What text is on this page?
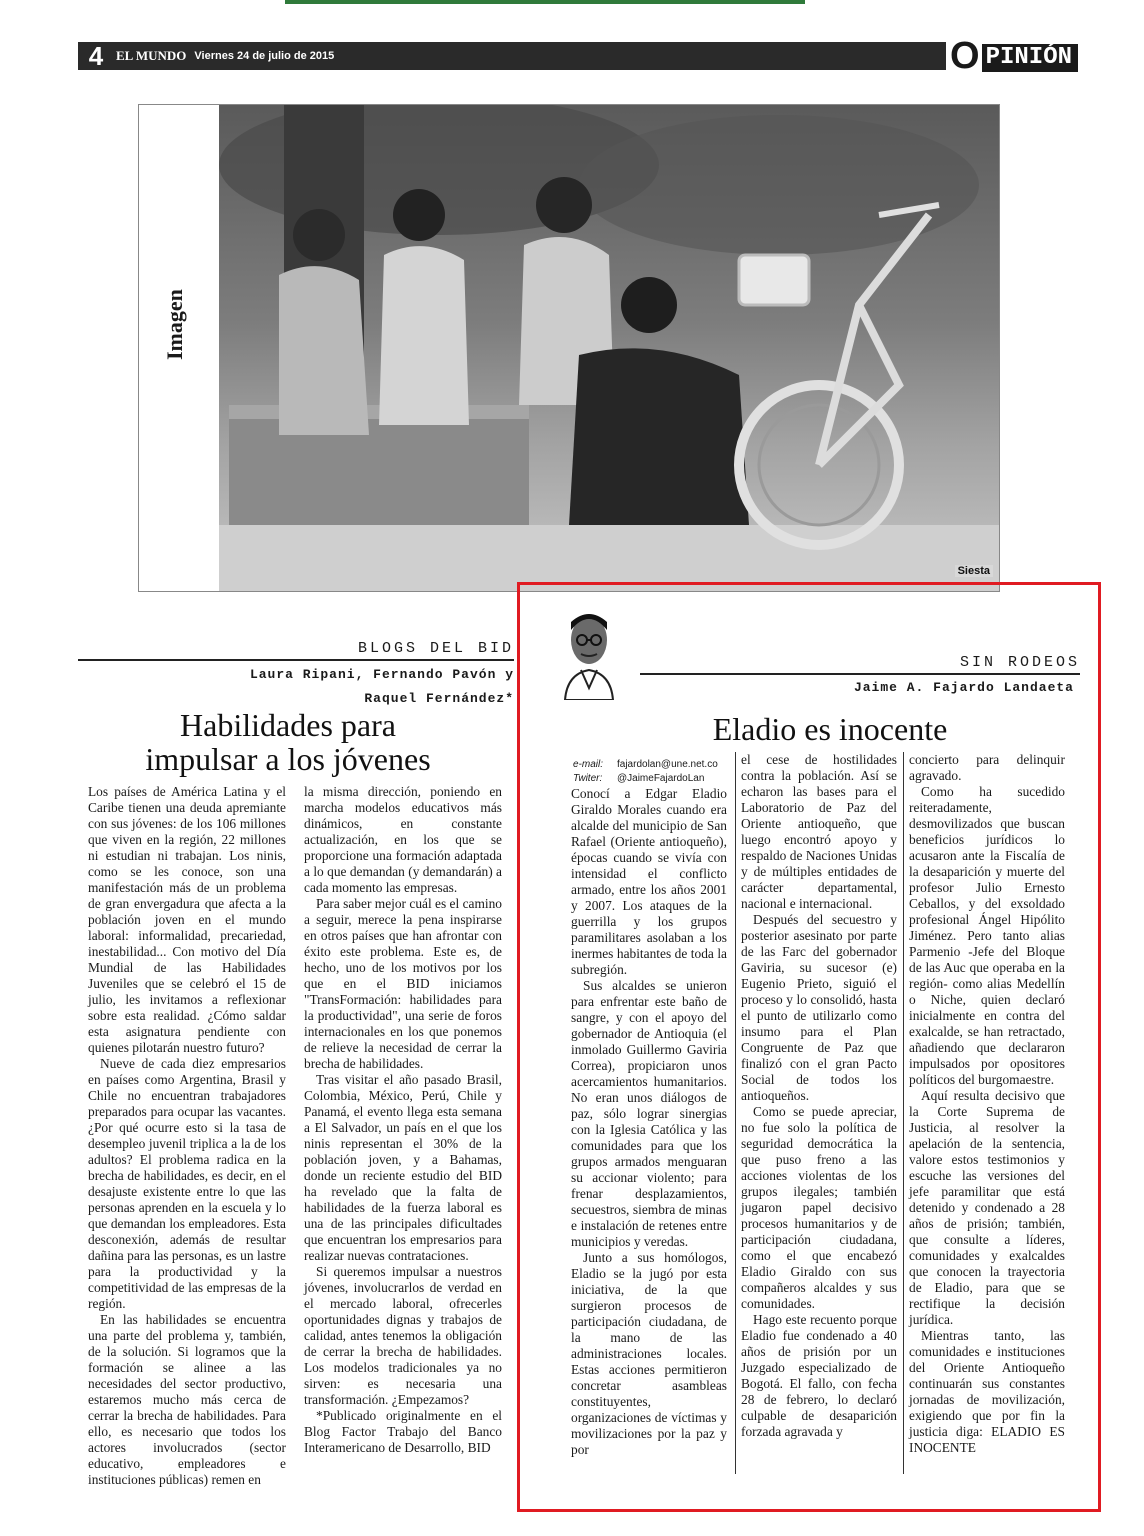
4 EL MUNDO Viernes 24 de julio de 2015	O PINIÓN
Siesta
Imagen
BLOGS DEL BID
Laura Ripani, Fernando Pavón y
Raquel Fernández*
Habilidades para
impulsar a los jóvenes

Los países de América Latina y el Caribe tienen una deuda apremiante con sus jóvenes: de los 106 millones que viven en la región, 22 millones ni estudian ni trabajan. Los ninis, como se les conoce, son una manifestación más de un problema de gran envergadura que afecta a la población joven en el mundo laboral: informalidad, precariedad, inestabilidad... Con motivo del Día Mundial de las Habilidades Juveniles que se celebró el 15 de julio, les invitamos a reflexionar sobre esta realidad. ¿Cómo saldar esta asignatura pendiente con quienes pilotarán nuestro futuro?

Nueve de cada diez empresarios en países como Argentina, Brasil y Chile no encuentran trabajadores preparados para ocupar las vacantes. ¿Por qué ocurre esto si la tasa de desempleo juvenil triplica a la de los adultos? El problema radica en la brecha de habilidades, es decir, en el desajuste existente entre lo que las personas aprenden en la escuela y lo que demandan los empleadores. Esta desconexión, además de resultar dañina para las personas, es un lastre para la productividad y la competitividad de las empresas de la región.

En las habilidades se encuentra una parte del problema y, también, de la solución. Si logramos que la formación se alinee a las necesidades del sector productivo, estaremos mucho más cerca de cerrar la brecha de habilidades. Para ello, es necesario que todos los actores involucrados (sector educativo, empleadores e instituciones públicas) remen en

la misma dirección, poniendo en marcha modelos educativos más dinámicos, en constante actualización, en los que se proporcione una formación adaptada a lo que demandan (y demandarán) a cada momento las empresas.

Para saber mejor cuál es el camino a seguir, merece la pena inspirarse en otros países que han afrontar con éxito este problema. Este es, de hecho, uno de los motivos por los que en el BID iniciamos "TransFormación: habilidades para la productividad", una serie de foros internacionales en los que ponemos de relieve la necesidad de cerrar la brecha de habilidades.

Tras visitar el año pasado Brasil, Colombia, México, Perú, Chile y Panamá, el evento llega esta semana a El Salvador, un país en el que los ninis representan el 30% de la población joven, y a Bahamas, donde un reciente estudio del BID ha revelado que la falta de habilidades de la fuerza laboral es una de las principales dificultades que encuentran los empresarios para realizar nuevas contrataciones.

Si queremos impulsar a nuestros jóvenes, involucrarlos de verdad en el mercado laboral, ofrecerles oportunidades dignas y trabajos de calidad, antes tenemos la obligación de cerrar la brecha de habilidades. Los modelos tradicionales ya no sirven: es necesaria una transformación. ¿Empezamos?

*Publicado originalmente en el Blog Factor Trabajo del Banco Interamericano de Desarrollo, BID

SIN RODEOS
Jaime A. Fajardo Landaeta
Eladio es inocente
e-mail: fajardolan@une.net.co
Twiter: @JaimeFajardoLan

Conocí a Edgar Eladio Giraldo Morales cuando era alcalde del municipio de San Rafael (Oriente antioqueño), épocas cuando se vivía con intensidad el conflicto armado, entre los años 2001 y 2007. Los ataques de la guerrilla y los grupos paramilitares asolaban a los inermes habitantes de toda la subregión.

Sus alcaldes se unieron para enfrentar este baño de sangre, y con el apoyo del gobernador de Antioquia (el inmolado Guillermo Gaviria Correa), propiciaron unos acercamientos humanitarios. No eran unos diálogos de paz, sólo lograr sinergias con la Iglesia Católica y las comunidades para que los grupos armados menguaran su accionar violento; para frenar desplazamientos, secuestros, siembra de minas e instalación de retenes entre municipios y veredas.

Junto a sus homólogos, Eladio se la jugó por esta iniciativa, de la que surgieron procesos de participación ciudadana, de la mano de las administraciones locales. Estas acciones permitieron concretar asambleas constituyentes, organizaciones de víctimas y movilizaciones por la paz y por

el cese de hostilidades contra la población. Así se echaron las bases para el Laboratorio de Paz del Oriente antioqueño, que luego encontró apoyo y respaldo de Naciones Unidas y de múltiples entidades de carácter departamental, nacional e internacional.

Después del secuestro y posterior asesinato por parte de las Farc del gobernador Gaviria, su sucesor (e) Eugenio Prieto, siguió el proceso y lo consolidó, hasta el punto de utilizarlo como insumo para el Plan Congruente de Paz que finalizó con el gran Pacto Social de todos los antioqueños.

Como se puede apreciar, no fue solo la política de seguridad democrática la que puso freno a las acciones violentas de los grupos ilegales; también jugaron papel decisivo procesos humanitarios y de participación ciudadana, como el que encabezó Eladio Giraldo con sus compañeros alcaldes y sus comunidades.

Hago este recuento porque Eladio fue condenado a 40 años de prisión por un Juzgado especializado de Bogotá. El fallo, con fecha 28 de febrero, lo declaró culpable de desaparición forzada agravada y

concierto para delinquir agravado.

Como ha sucedido reiteradamente, desmovilizados que buscan beneficios jurídicos lo acusaron ante la Fiscalía de la desaparición y muerte del profesor Julio Ernesto Ceballos, y del exsoldado profesional Ángel Hipólito Jiménez. Pero tanto alias Parmenio -Jefe del Bloque de las Auc que operaba en la región- como alias Medellín o Niche, quien declaró inicialmente en contra del exalcalde, se han retractado, añadiendo que declararon impulsados por opositores políticos del burgomaestre.

Aquí resulta decisivo que la Corte Suprema de Justicia, al resolver la apelación de la sentencia, valore estos testimonios y escuche las versiones del jefe paramilitar que está detenido y condenado a 28 años de prisión; también, que consulte a líderes, comunidades y exalcaldes que conocen la trayectoria de Eladio, para que se rectifique la decisión jurídica.

Mientras tanto, las comunidades e instituciones del Oriente Antioqueño continuarán sus constantes jornadas de movilización, exigiendo que por fin la justicia diga: ELADIO ES INOCENTE
